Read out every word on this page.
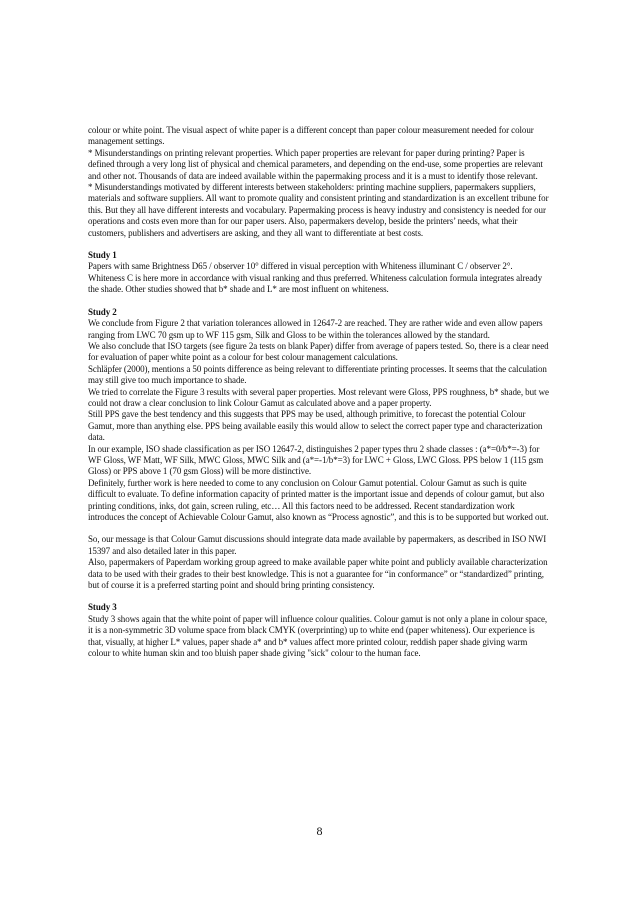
colour or white point. The visual aspect of white paper is a different concept than paper colour measurement needed for colour management settings.

* Misunderstandings on printing relevant properties. Which paper properties are relevant for paper during printing? Paper is defined through a very long list of physical and chemical parameters, and depending on the end-use, some properties are relevant and other not. Thousands of data are indeed available within the papermaking process and it is a must to identify those relevant.

* Misunderstandings motivated by different interests between stakeholders: printing machine suppliers, papermakers suppliers, materials and software suppliers. All want to promote quality and consistent printing and standardization is an excellent tribune for this. But they all have different interests and vocabulary. Papermaking process is heavy industry and consistency is needed for our operations and costs even more than for our paper users. Also, papermakers develop, beside the printers’ needs, what their customers, publishers and advertisers are asking, and they all want to differentiate at best costs.

Study 1

Papers with same Brightness D65 / observer 10° differed in visual perception with Whiteness illuminant C / observer 2°. Whiteness C is here more in accordance with visual ranking and thus preferred. Whiteness calculation formula integrates already the shade. Other studies showed that b* shade and L* are most influent on whiteness.

Study 2

We conclude from Figure 2 that variation tolerances allowed in 12647-2 are reached. They are rather wide and even allow papers ranging from LWC 70 gsm up to WF 115 gsm, Silk and Gloss to be within the tolerances allowed by the standard.

We also conclude that ISO targets (see figure 2a tests on blank Paper) differ from average of papers tested. So, there is a clear need for evaluation of paper white point as a colour for best colour management calculations.

Schläpfer (2000), mentions a 50 points difference as being relevant to differentiate printing processes. It seems that the calculation may still give too much importance to shade.

We tried to correlate the Figure 3 results with several paper properties. Most relevant were Gloss, PPS roughness, b* shade, but we could not draw a clear conclusion to link Colour Gamut as calculated above and a paper property.

Still PPS gave the best tendency and this suggests that PPS may be used, although primitive, to forecast the potential Colour Gamut, more than anything else. PPS being available easily this would allow to select the correct paper type and characterization data.

In our example, ISO shade classification as per ISO 12647-2, distinguishes 2 paper types thru 2 shade classes : (a*=0/b*=-3) for WF Gloss, WF Matt, WF Silk, MWC Gloss, MWC Silk and (a*=-1/b*=3) for LWC + Gloss, LWC Gloss. PPS below 1 (115 gsm Gloss) or PPS above 1 (70 gsm Gloss) will be more distinctive.

Definitely, further work is here needed to come to any conclusion on Colour Gamut potential. Colour Gamut as such is quite difficult to evaluate. To define information capacity of printed matter is the important issue and depends of colour gamut, but also printing conditions, inks, dot gain, screen ruling, etc… All this factors need to be addressed. Recent standardization work introduces the concept of Achievable Colour Gamut, also known as “Process agnostic”, and this is to be supported but worked out.

So, our message is that Colour Gamut discussions should integrate data made available by papermakers, as described in ISO NWI 15397 and also detailed later in this paper.

Also, papermakers of Paperdam working group agreed to make available paper white point and publicly available characterization data to be used with their grades to their best knowledge. This is not a guarantee for “in conformance” or “standardized” printing, but of course it is a preferred starting point and should bring printing consistency.

Study 3

Study 3 shows again that the white point of paper will influence colour qualities. Colour gamut is not only a plane in colour space, it is a non-symmetric 3D volume space from black CMYK (overprinting) up to white end (paper whiteness). Our experience is that, visually, at higher L* values, paper shade a* and b* values affect more printed colour, reddish paper shade giving warm colour to white human skin and too bluish paper shade giving "sick" colour to the human face.

8
